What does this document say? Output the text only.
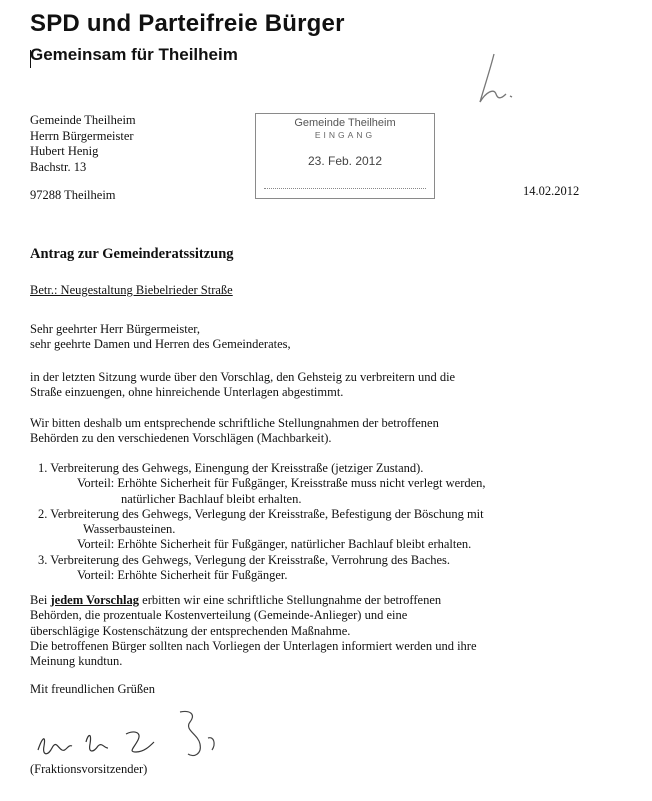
SPD und Parteifreie Bürger
Gemeinsam für Theilheim
Gemeinde Theilheim
Herrn Bürgermeister
Hubert Henig
Bachstr. 13
Gemeinde Theilheim
EINGANG
23. Feb. 2012
97288 Theilheim	14.02.2012
Antrag zur Gemeinderatssitzung
Betr.: Neugestaltung Biebelrieder Straße
Sehr geehrter Herr Bürgermeister,
sehr geehrte Damen und Herren des Gemeinderates,
in der letzten Sitzung wurde über den Vorschlag, den Gehsteig zu verbreitern und die
Straße einzuengen, ohne hinreichende Unterlagen abgestimmt.
Wir bitten deshalb um entsprechende schriftliche Stellungnahmen der betroffenen
Behörden zu den verschiedenen Vorschlägen (Machbarkeit).
1. Verbreiterung des Gehwegs, Einengung der Kreisstraße (jetziger Zustand).
Vorteil: Erhöhte Sicherheit für Fußgänger, Kreisstraße muss nicht verlegt werden,
natürlicher Bachlauf bleibt erhalten.
2. Verbreiterung des Gehwegs, Verlegung der Kreisstraße, Befestigung der Böschung mit
Wasserbausteinen.
Vorteil: Erhöhte Sicherheit für Fußgänger, natürlicher Bachlauf bleibt erhalten.
3. Verbreiterung des Gehwegs, Verlegung der Kreisstraße, Verrohrung des Baches.
Vorteil: Erhöhte Sicherheit für Fußgänger.
Bei jedem Vorschlag erbitten wir eine schriftliche Stellungnahme der betroffenen
Behörden, die prozentuale Kostenverteilung (Gemeinde-Anlieger) und eine
überschlägige Kostenschätzung der entsprechenden Maßnahme.
Die betroffenen Bürger sollten nach Vorliegen der Unterlagen informiert werden und ihre
Meinung kundtun.
Mit freundlichen Grüßen
(Fraktionsvorsitzender)
